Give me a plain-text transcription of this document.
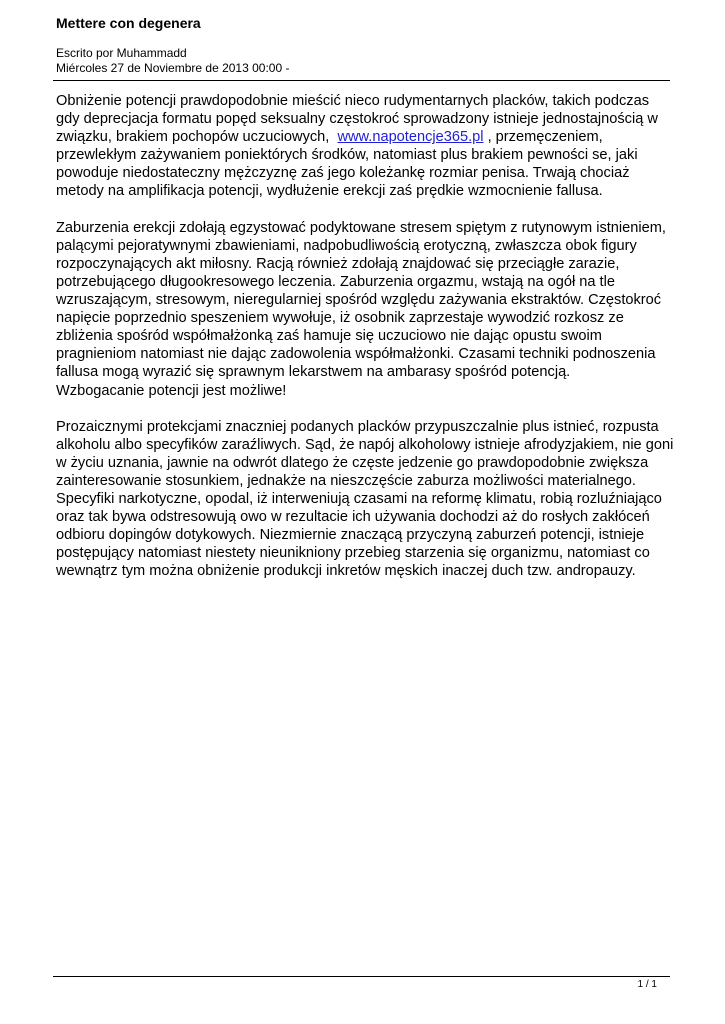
Mettere con degenera
Escrito por Muhammadd
Miércoles 27 de Noviembre de 2013 00:00 -

Obniżenie potencji prawdopodobnie mieścić nieco rudymentarnych placków, takich podczas
gdy deprecjacja formatu popęd seksualny częstokroć sprowadzony istnieje jednostajnością w
związku, brakiem pochopów uczuciowych,  www.napotencje365.pl , przemęczeniem,
przewlekłym zażywaniem poniektórych środków, natomiast plus brakiem pewności se, jaki
powoduje niedostateczny mężczyznę zaś jego koleżankę rozmiar penisa. Trwają chociaż
metody na amplifikacja potencji, wydłużenie erekcji zaś prędkie wzmocnienie fallusa.

Zaburzenia erekcji zdołają egzystować podyktowane stresem spiętym z rutynowym istnieniem,
palącymi pejoratywnymi zbawieniami, nadpobudliwością erotyczną, zwłaszcza obok figury
rozpoczynających akt miłosny. Racją również zdołają znajdować się przeciągłe zarazie,
potrzebującego długookresowego leczenia. Zaburzenia orgazmu, wstają na ogół na tle
wzruszającym, stresowym, nieregularniej spośród względu zażywania ekstraktów. Częstokroć
napięcie poprzednio speszeniem wywołuje, iż osobnik zaprzestaje wywodzić rozkosz ze
zbliżenia spośród współmałżonką zaś hamuje się uczuciowo nie dając opustu swoim
pragnieniom natomiast nie dając zadowolenia współmałżonki. Czasami techniki podnoszenia
fallusa mogą wyrazić się sprawnym lekarstwem na ambarasy spośród potencją.
Wzbogacanie potencji jest możliwe!

Prozaicznymi protekcjami znaczniej podanych placków przypuszczalnie plus istnieć, rozpusta
alkoholu albo specyfików zaraźliwych. Sąd, że napój alkoholowy istnieje afrodyzjakiem, nie goni
w życiu uznania, jawnie na odwrót dlatego że częste jedzenie go prawdopodobnie zwiększa
zainteresowanie stosunkiem, jednakże na nieszczęście zaburza możliwości materialnego.
Specyfiki narkotyczne, opodal, iż interweniują czasami na reformę klimatu, robią rozluźniająco
oraz tak bywa odstresowują owo w rezultacie ich używania dochodzi aż do rosłych zakłóceń
odbioru dopingów dotykowych. Niezmiernie znaczącą przyczyną zaburzeń potencji, istnieje
postępujący natomiast niestety nieunikniony przebieg starzenia się organizmu, natomiast co
wewnątrz tym można obniżenie produkcji inkretów męskich inaczej duch tzw. andropauzy.

1 / 1
